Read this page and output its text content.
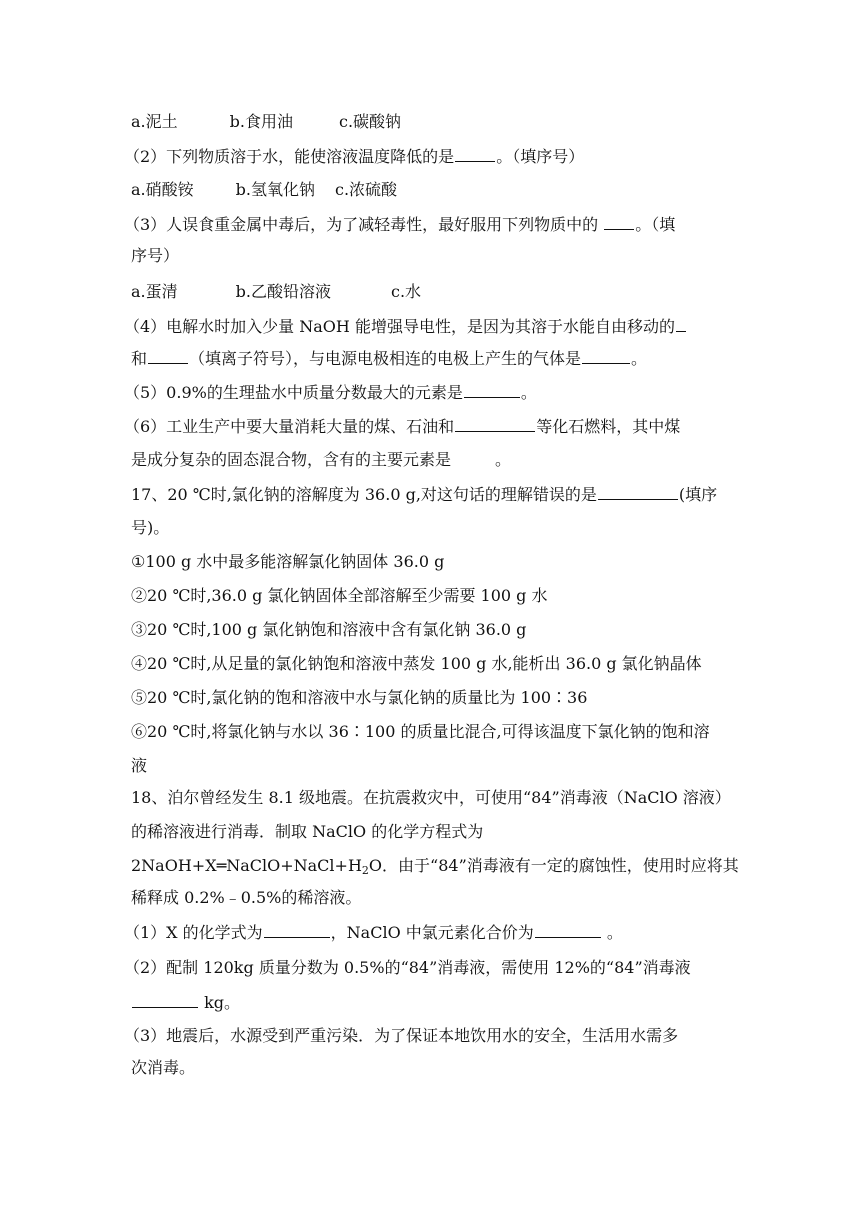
a.泥土	b.食用油	c.碳酸钠
（2）下列物质溶于水，能使溶液温度降低的是	。（填序号）
a.硝酸铵	b.氢氧化钠 c.浓硫酸
（3）人误食重金属中毒后，为了减轻毒性，最好服用下列物质中的 。（填
序号）
a.蛋清	b.乙酸铅溶液	c.水
（4）电解水时加入少量 NaOH 能增强导电性，是因为其溶于水能自由移动的
和	（填离子符号），与电源电极相连的电极上产生的气体是	。
（5）0.9%的生理盐水中质量分数最大的元素是	。
（6）工业生产中要大量消耗大量的煤、石油和	等化石燃料，其中煤
是成分复杂的固态混合物，含有的主要元素是	。
17、20 ℃时,氯化钠的溶解度为 36.0 g,对这句话的理解错误的是	(填序
号)。
①100 g 水中最多能溶解氯化钠固体 36.0 g
②20 ℃时,36.0 g 氯化钠固体全部溶解至少需要 100 g 水
③20 ℃时,100 g 氯化钠饱和溶液中含有氯化钠 36.0 g
④20 ℃时,从足量的氯化钠饱和溶液中蒸发 100 g 水,能析出 36.0 g 氯化钠晶体
⑤20 ℃时,氯化钠的饱和溶液中水与氯化钠的质量比为 100∶36
⑥20 ℃时,将氯化钠与水以 36∶100 的质量比混合,可得该温度下氯化钠的饱和溶
液
18、泊尔曾经发生 8.1 级地震。在抗震救灾中，可使用“84”消毒液（NaClO 溶液）
的稀溶液进行消毒．制取 NaClO 的化学方程式为
$2NaOH+X═NaClO+NaCl+H_2O$．由于“84”消毒液有一定的腐蚀性，使用时应将其
稀释成 0.2%﹣0.5%的稀溶液。
（1）X 的化学式为	，NaClO 中氯元素化合价为	。
（2）配制 120kg 质量分数为 0.5%的“84”消毒液，需使用 12%的“84”消毒液
kg。
（3）地震后，水源受到严重污染．为了保证本地饮用水的安全，生活用水需多
次消毒。
